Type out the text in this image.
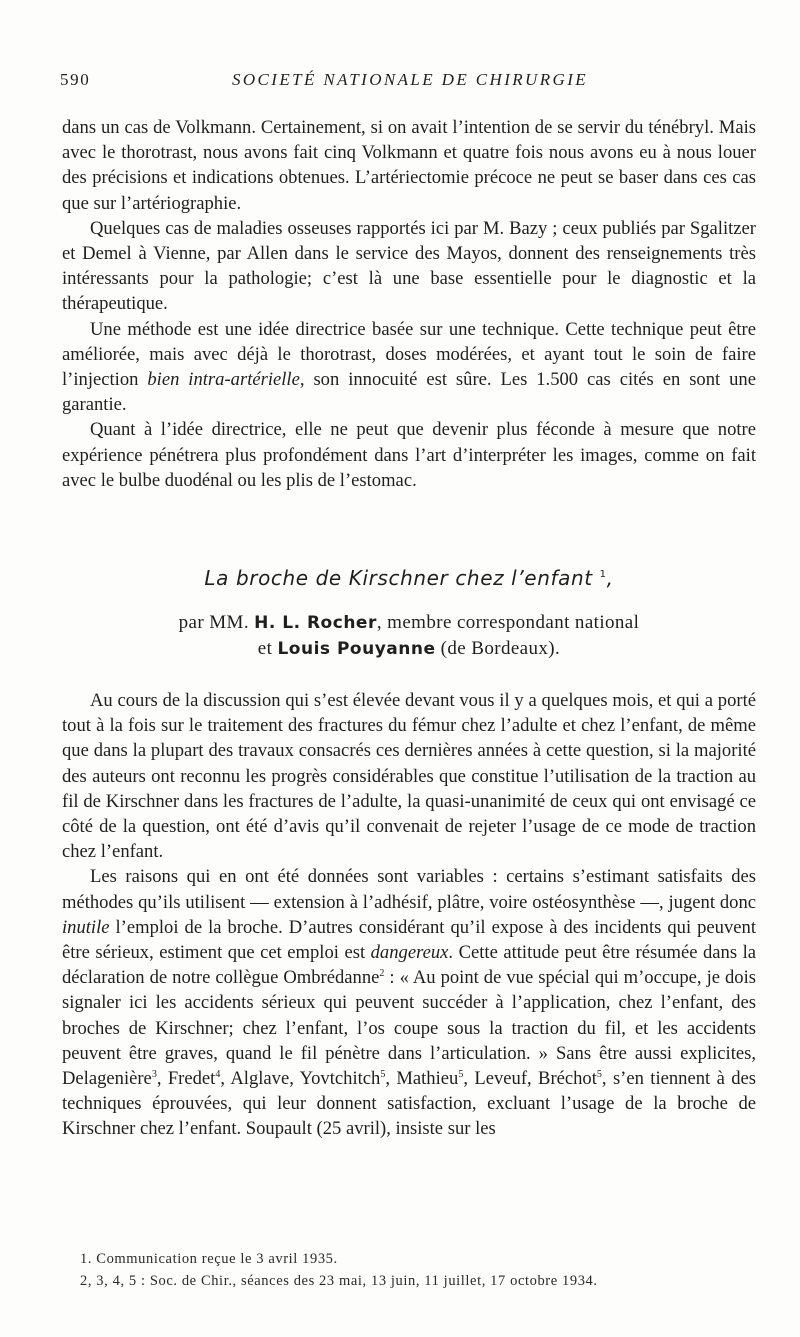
590	SOCIETÉ NATIONALE DE CHIRURGIE

dans un cas de Volkmann. Certainement, si on avait l’intention de se servir du ténébryl. Mais avec le thorotrast, nous avons fait cinq Volkmann et quatre fois nous avons eu à nous louer des précisions et indications obtenues. L’artériectomie précoce ne peut se baser dans ces cas que sur l’artériographie.

Quelques cas de maladies osseuses rapportés ici par M. Bazy ; ceux publiés par Sgalitzer et Demel à Vienne, par Allen dans le service des Mayos, donnent des renseignements très intéressants pour la pathologie; c’est là une base essentielle pour le diagnostic et la thérapeutique.

Une méthode est une idée directrice basée sur une technique. Cette technique peut être améliorée, mais avec déjà le thorotrast, doses modérées, et ayant tout le soin de faire l’injection bien intra-artérielle, son innocuité est sûre. Les 1.500 cas cités en sont une garantie.

Quant à l’idée directrice, elle ne peut que devenir plus féconde à mesure que notre expérience pénétrera plus profondément dans l’art d’interpréter les images, comme on fait avec le bulbe duodénal ou les plis de l’estomac.

La broche de Kirschner chez l’enfant $^1$,
par MM. H. L. Rocher, membre correspondant national
et Louis Pouyanne (de Bordeaux).

Au cours de la discussion qui s’est élevée devant vous il y a quelques mois, et qui a porté tout à la fois sur le traitement des fractures du fémur chez l’adulte et chez l’enfant, de même que dans la plupart des travaux consacrés ces dernières années à cette question, si la majorité des auteurs ont reconnu les progrès considérables que constitue l’utilisation de la traction au fil de Kirschner dans les fractures de l’adulte, la quasi-unanimité de ceux qui ont envisagé ce côté de la question, ont été d’avis qu’il convenait de rejeter l’usage de ce mode de traction chez l’enfant.

Les raisons qui en ont été données sont variables : certains s’estimant satisfaits des méthodes qu’ils utilisent — extension à l’adhésif, plâtre, voire ostéosynthèse —, jugent donc inutile l’emploi de la broche. D’autres considérant qu’il expose à des incidents qui peuvent être sérieux, estiment que cet emploi est dangereux. Cette attitude peut être résumée dans la déclaration de notre collègue Ombrédanne$^2$ : « Au point de vue spécial qui m’occupe, je dois signaler ici les accidents sérieux qui peuvent succéder à l’application, chez l’enfant, des broches de Kirschner; chez l’enfant, l’os coupe sous la traction du fil, et les accidents peuvent être graves, quand le fil pénètre dans l’articulation. » Sans être aussi explicites, Delagenière$^3$, Fredet$^4$, Alglave, Yovtchitch$^5$, Mathieu$^5$, Leveuf, Bréchot$^5$, s’en tiennent à des techniques éprouvées, qui leur donnent satisfaction, excluant l’usage de la broche de Kirschner chez l’enfant. Soupault (25 avril), insiste sur les

1. Communication reçue le 3 avril 1935.
2, 3, 4, 5 : Soc. de Chir., séances des 23 mai, 13 juin, 11 juillet, 17 octobre 1934.
